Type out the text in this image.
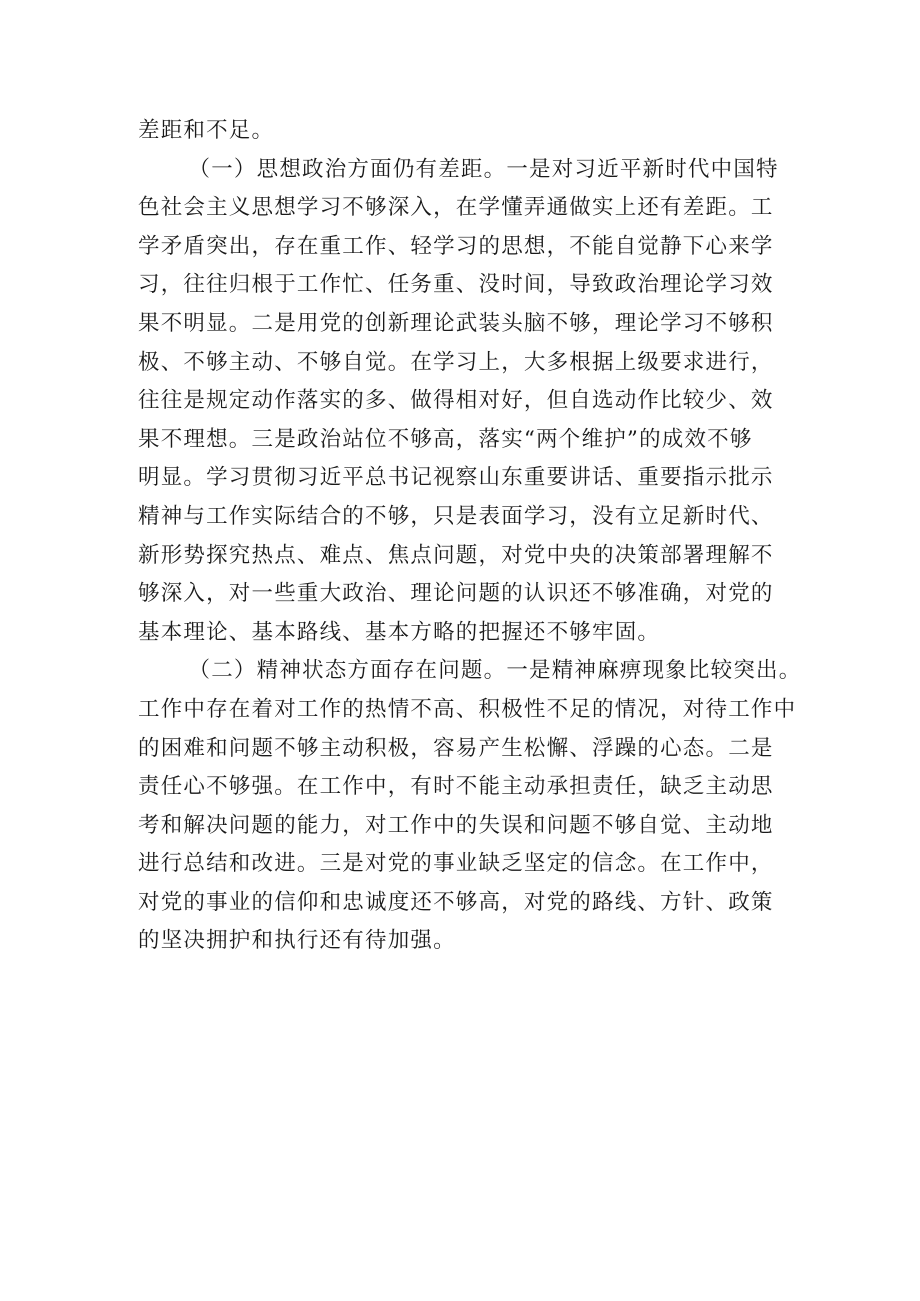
差距和不足。

（一）思想政治方面仍有差距。一是对习近平新时代中国特
色社会主义思想学习不够深入，在学懂弄通做实上还有差距。工
学矛盾突出，存在重工作、轻学习的思想，不能自觉静下心来学
习，往往归根于工作忙、任务重、没时间，导致政治理论学习效
果不明显。二是用党的创新理论武装头脑不够，理论学习不够积
极、不够主动、不够自觉。在学习上，大多根据上级要求进行，
往往是规定动作落实的多、做得相对好，但自选动作比较少、效
果不理想。三是政治站位不够高，落实“两个维护”的成效不够
明显。学习贯彻习近平总书记视察山东重要讲话、重要指示批示
精神与工作实际结合的不够，只是表面学习，没有立足新时代、
新形势探究热点、难点、焦点问题，对党中央的决策部署理解不
够深入，对一些重大政治、理论问题的认识还不够准确，对党的
基本理论、基本路线、基本方略的把握还不够牢固。

（二）精神状态方面存在问题。一是精神麻痹现象比较突出。
工作中存在着对工作的热情不高、积极性不足的情况，对待工作中
的困难和问题不够主动积极，容易产生松懈、浮躁的心态。二是
责任心不够强。在工作中，有时不能主动承担责任，缺乏主动思
考和解决问题的能力，对工作中的失误和问题不够自觉、主动地
进行总结和改进。三是对党的事业缺乏坚定的信念。在工作中，
对党的事业的信仰和忠诚度还不够高，对党的路线、方针、政策
的坚决拥护和执行还有待加强。
